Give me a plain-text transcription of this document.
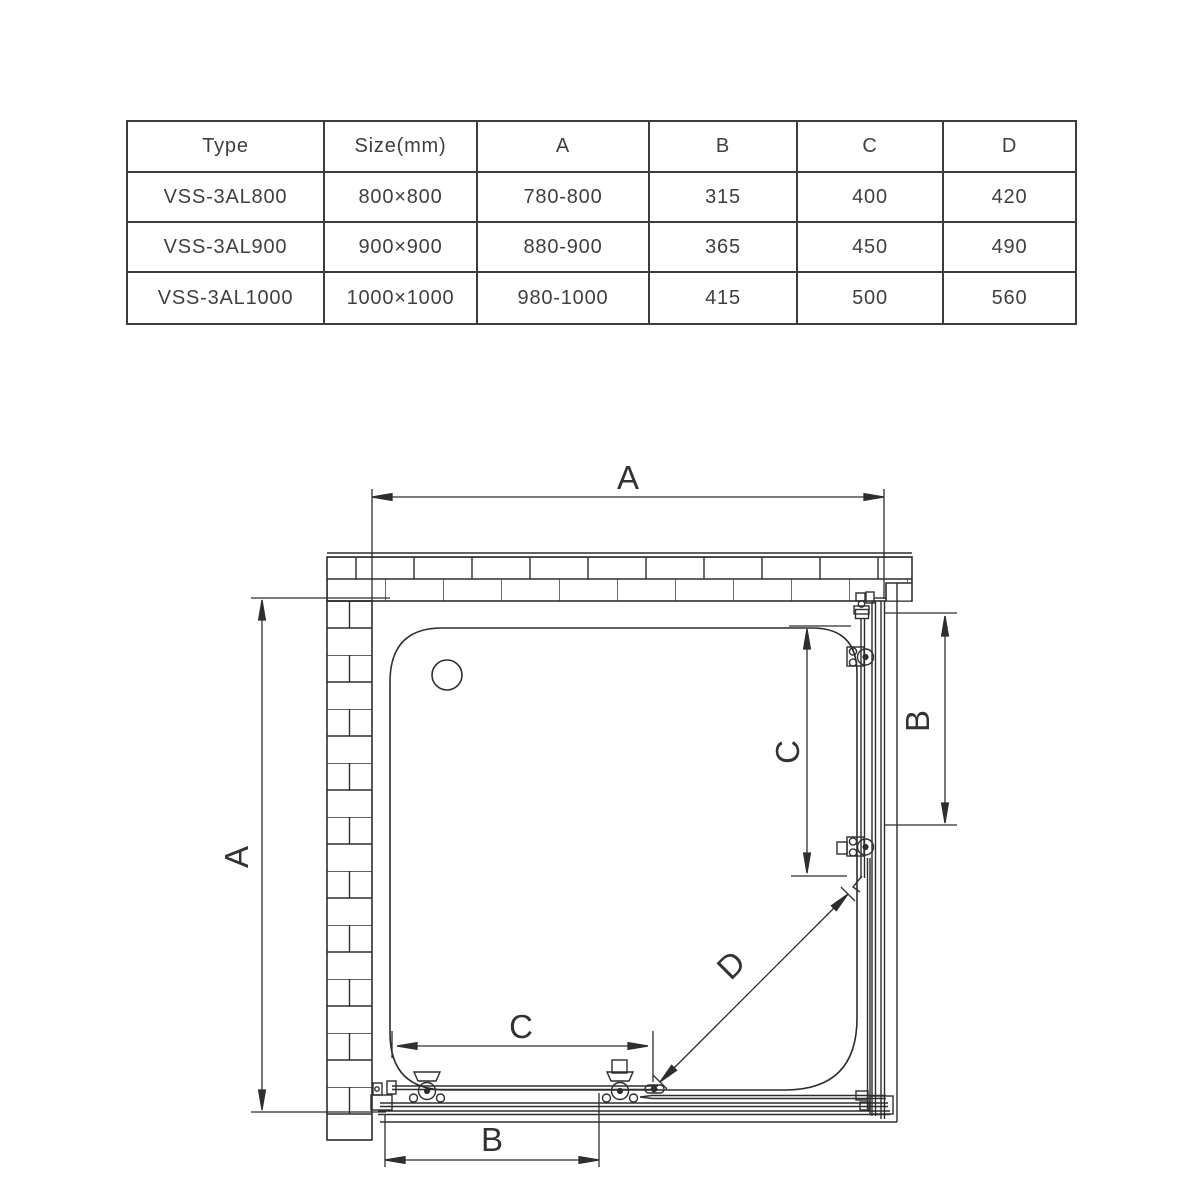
Type	Size(mm)	A	B	C	D
VSS-3AL800	800×800	780-800	315	400	420
VSS-3AL900	900×900	880-900	365	450	490
VSS-3AL1000	1000×1000	980-1000	415	500	560
A
A
B
C
D
C
B
